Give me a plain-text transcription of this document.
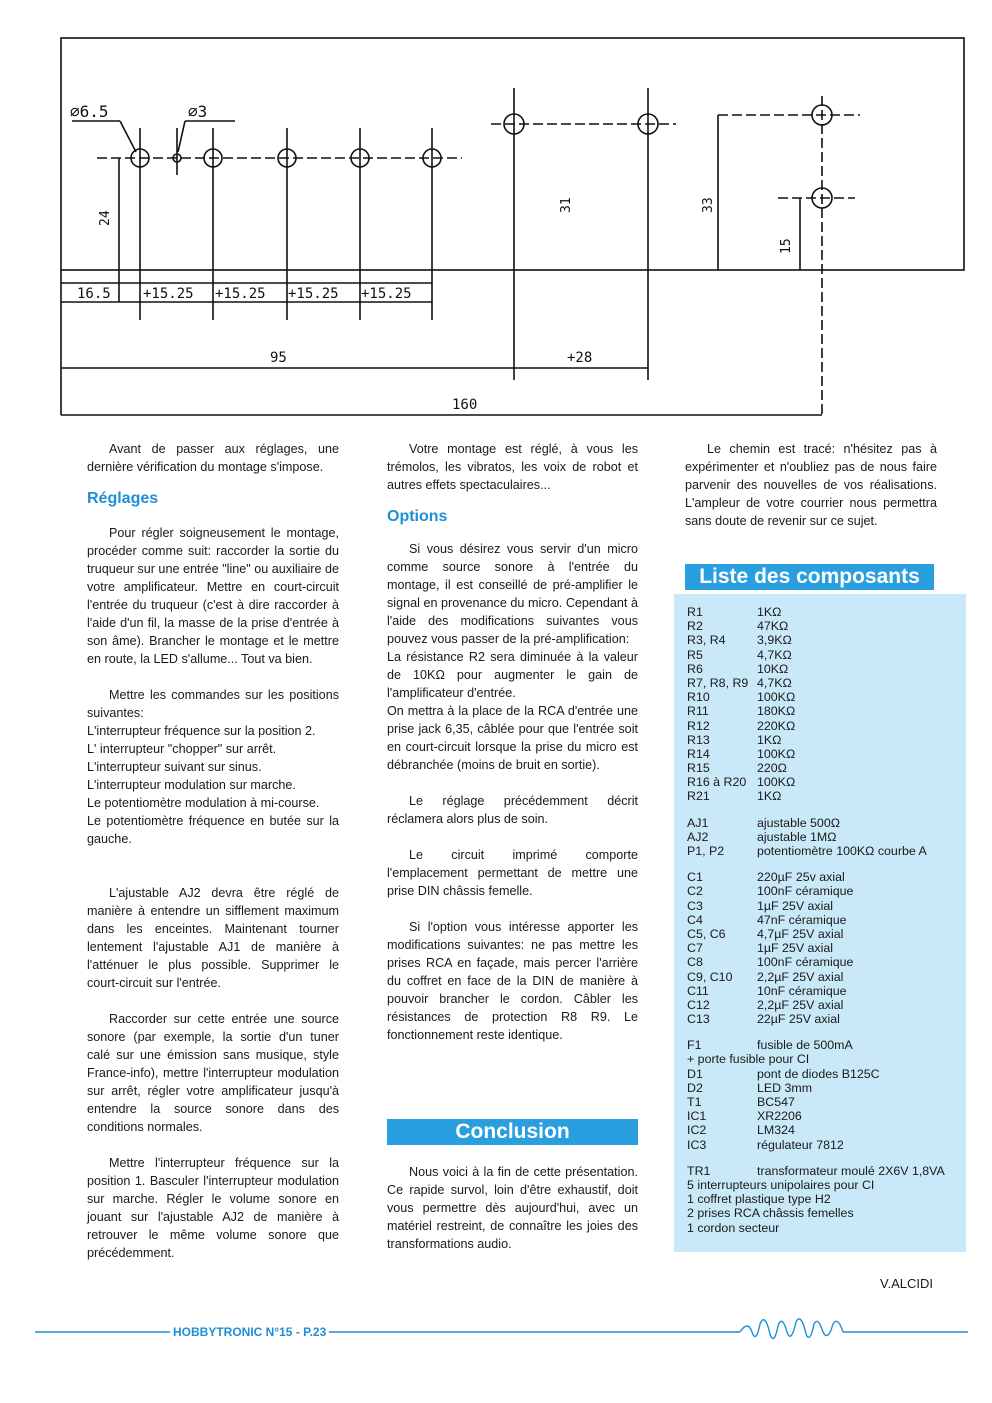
∅6.5	∅3
24
31	33
15
16.5 +15.25 +15.25 +15.25 +15.25
95	+28
160

Avant de passer aux réglages, une dernière vérification du montage s'impose.

Réglages

Pour régler soigneusement le montage, procéder comme suit: raccorder la sortie du truqueur sur une entrée "line" ou auxiliaire de votre amplificateur. Mettre en court-circuit l'entrée du truqueur (c'est à dire raccorder à l'aide d'un fil, la masse de la prise d'entrée à son âme). Brancher le montage et le mettre en route, la LED s'allume... Tout va bien.

Mettre les commandes sur les positions suivantes:

L'interrupteur fréquence sur la position 2.

L' interrupteur "chopper" sur arrêt.

L'interrupteur suivant sur sinus.

L'interrupteur modulation sur marche.

Le potentiomètre modulation à mi-course.

Le potentiomètre fréquence en butée sur la gauche.

L'ajustable AJ2 devra être réglé de manière à entendre un sifflement maximum dans les enceintes. Maintenant tourner lentement l'ajustable AJ1 de manière à l'atténuer le plus possible. Supprimer le court-circuit sur l'entrée.

Raccorder sur cette entrée une source sonore (par exemple, la sortie d'un tuner calé sur une émission sans musique, style France-info), mettre l'interrupteur modulation sur arrêt, régler votre amplificateur jusqu'à entendre la source sonore dans des conditions normales.

Mettre l'interrupteur fréquence sur la position 1. Basculer l'interrupteur modulation sur marche. Régler le volume sonore en jouant sur l'ajustable AJ2 de manière à retrouver le même volume sonore que précédemment.

Votre montage est réglé, à vous les trémolos, les vibratos, les voix de robot et autres effets spectaculaires...

Options

Si vous désirez vous servir d'un micro comme source sonore à l'entrée du montage, il est conseillé de pré-amplifier le signal en provenance du micro. Cependant à l'aide des modifications suivantes vous pouvez vous passer de la pré-amplification:

La résistance R2 sera diminuée à la valeur de 10KΩ pour augmenter le gain de l'amplificateur d'entrée.

On mettra à la place de la RCA d'entrée une prise jack 6,35, câblée pour que l'entrée soit en court-circuit lorsque la prise du micro est débranchée (moins de bruit en sortie).

Le réglage précédemment décrit réclamera alors plus de soin.

Le circuit imprimé comporte l'emplacement permettant de mettre une prise DIN châssis femelle.

Si l'option vous intéresse apporter les modifications suivantes: ne pas mettre les prises RCA en façade, mais percer l'arrière du coffret en face de la DIN de manière à pouvoir brancher le cordon. Câbler les résistances de protection R8 R9. Le fonctionnement reste identique.

Conclusion

Nous voici à la fin de cette présentation. Ce rapide survol, loin d'être exhaustif, doit vous permettre dès aujourd'hui, avec un matériel restreint, de connaître les joies des transformations audio.

Le chemin est tracé: n'hésitez pas à expérimenter et n'oubliez pas de nous faire parvenir des nouvelles de vos réalisations. L'ampleur de votre courrier nous permettra sans doute de revenir sur ce sujet.

Liste des composants
R1	1KΩ
R2	47KΩ
R3, R4	3,9KΩ
R5	4,7KΩ
R6	10KΩ
R7, R8, R9 4,7KΩ
R10	100KΩ
R11	180KΩ
R12	220KΩ
R13	1KΩ
R14	100KΩ
R15	220Ω
R16 à R20 100KΩ
R21	1KΩ
AJ1	ajustable 500Ω
AJ2	ajustable 1MΩ
P1, P2	potentiomètre 100KΩ courbe A
C1	220µF 25v axial
C2	100nF céramique
C3	1µF 25V axial
C4	47nF céramique
C5, C6	4,7µF 25V axial
C7	1µF 25V axial
C8	100nF céramique
C9, C10 2,2µF 25V axial
C11	10nF céramique
C12	2,2µF 25V axial
C13	22µF 25V axial
F1	fusible de 500mA
+ porte fusible pour CI
D1	pont de diodes B125C
D2	LED 3mm
T1	BC547
IC1	XR2206
IC2	LM324
IC3	régulateur 7812
TR1	transformateur moulé 2X6V 1,8VA
5 interrupteurs unipolaires pour CI
1 coffret plastique type H2
2 prises RCA châssis femelles
1 cordon secteur
V.ALCIDI
HOBBYTRONIC N°15 - P.23
